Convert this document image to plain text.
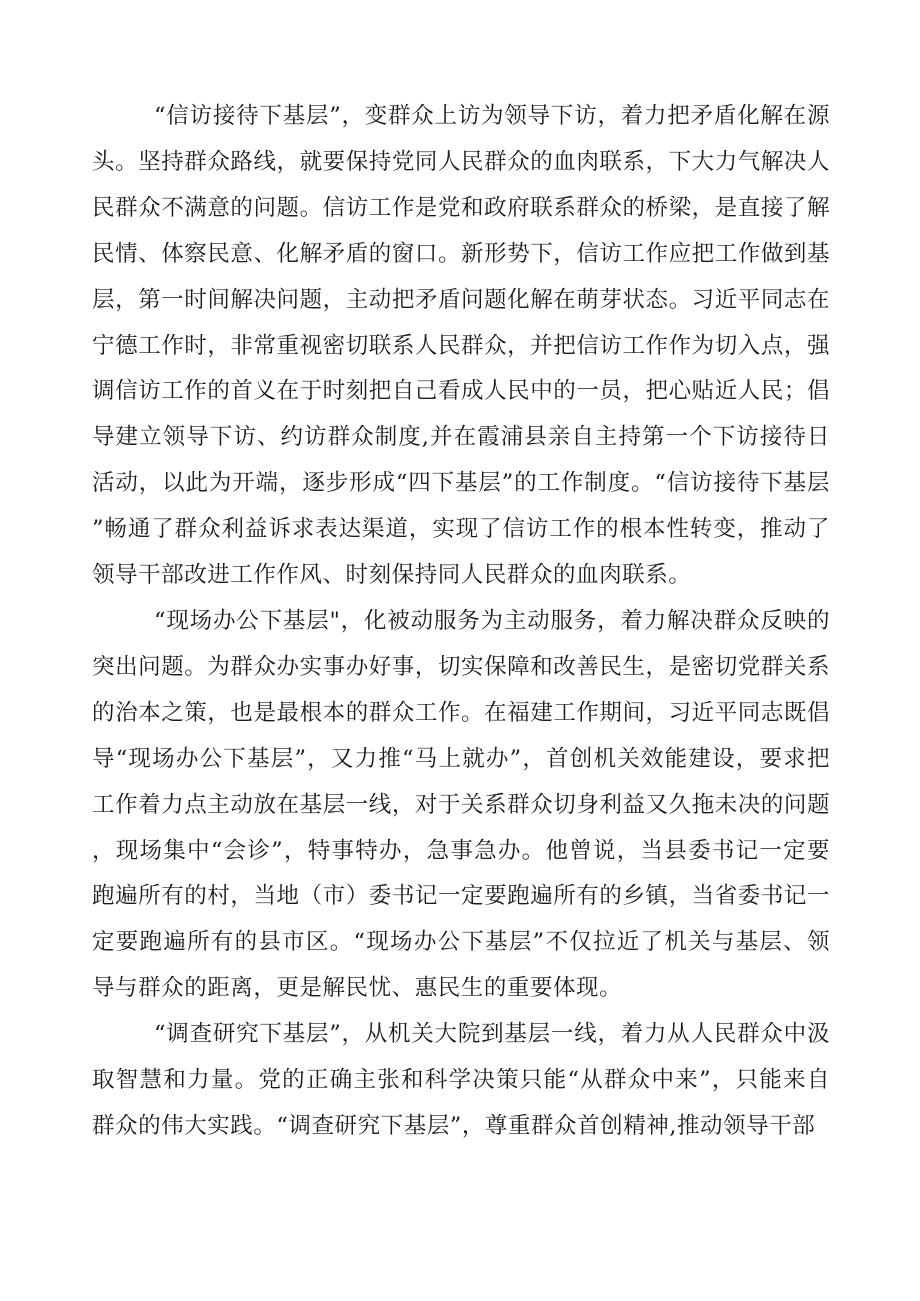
“信访接待下基层”，变群众上访为领导下访，着力把矛盾化解在源头。坚持群众路线，就要保持党同人民群众的血肉联系，下大力气解决人民群众不满意的问题。信访工作是党和政府联系群众的桥梁，是直接了解民情、体察民意、化解矛盾的窗口。新形势下，信访工作应把工作做到基层，第一时间解决问题，主动把矛盾问题化解在萌芽状态。习近平同志在宁德工作时，非常重视密切联系人民群众，并把信访工作作为切入点，强调信访工作的首义在于时刻把自己看成人民中的一员，把心贴近人民；倡导建立领导下访、约访群众制度,并在霞浦县亲自主持第一个下访接待日活动，以此为开端，逐步形成“四下基层”的工作制度。“信访接待下基层”畅通了群众利益诉求表达渠道，实现了信访工作的根本性转变，推动了领导干部改进工作作风、时刻保持同人民群众的血肉联系。

“现场办公下基层"，化被动服务为主动服务，着力解决群众反映的突出问题。为群众办实事办好事，切实保障和改善民生，是密切党群关系的治本之策，也是最根本的群众工作。在福建工作期间，习近平同志既倡导“现场办公下基层”，又力推“马上就办”，首创机关效能建设，要求把工作着力点主动放在基层一线，对于关系群众切身利益又久拖未决的问题，现场集中“会诊”，特事特办，急事急办。他曾说，当县委书记一定要跑遍所有的村，当地（市）委书记一定要跑遍所有的乡镇，当省委书记一定要跑遍所有的县市区。“现场办公下基层”不仅拉近了机关与基层、领导与群众的距离，更是解民忧、惠民生的重要体现。

“调查研究下基层”，从机关大院到基层一线，着力从人民群众中汲取智慧和力量。党的正确主张和科学决策只能“从群众中来”，只能来自群众的伟大实践。“调查研究下基层”，尊重群众首创精神,推动领导干部
